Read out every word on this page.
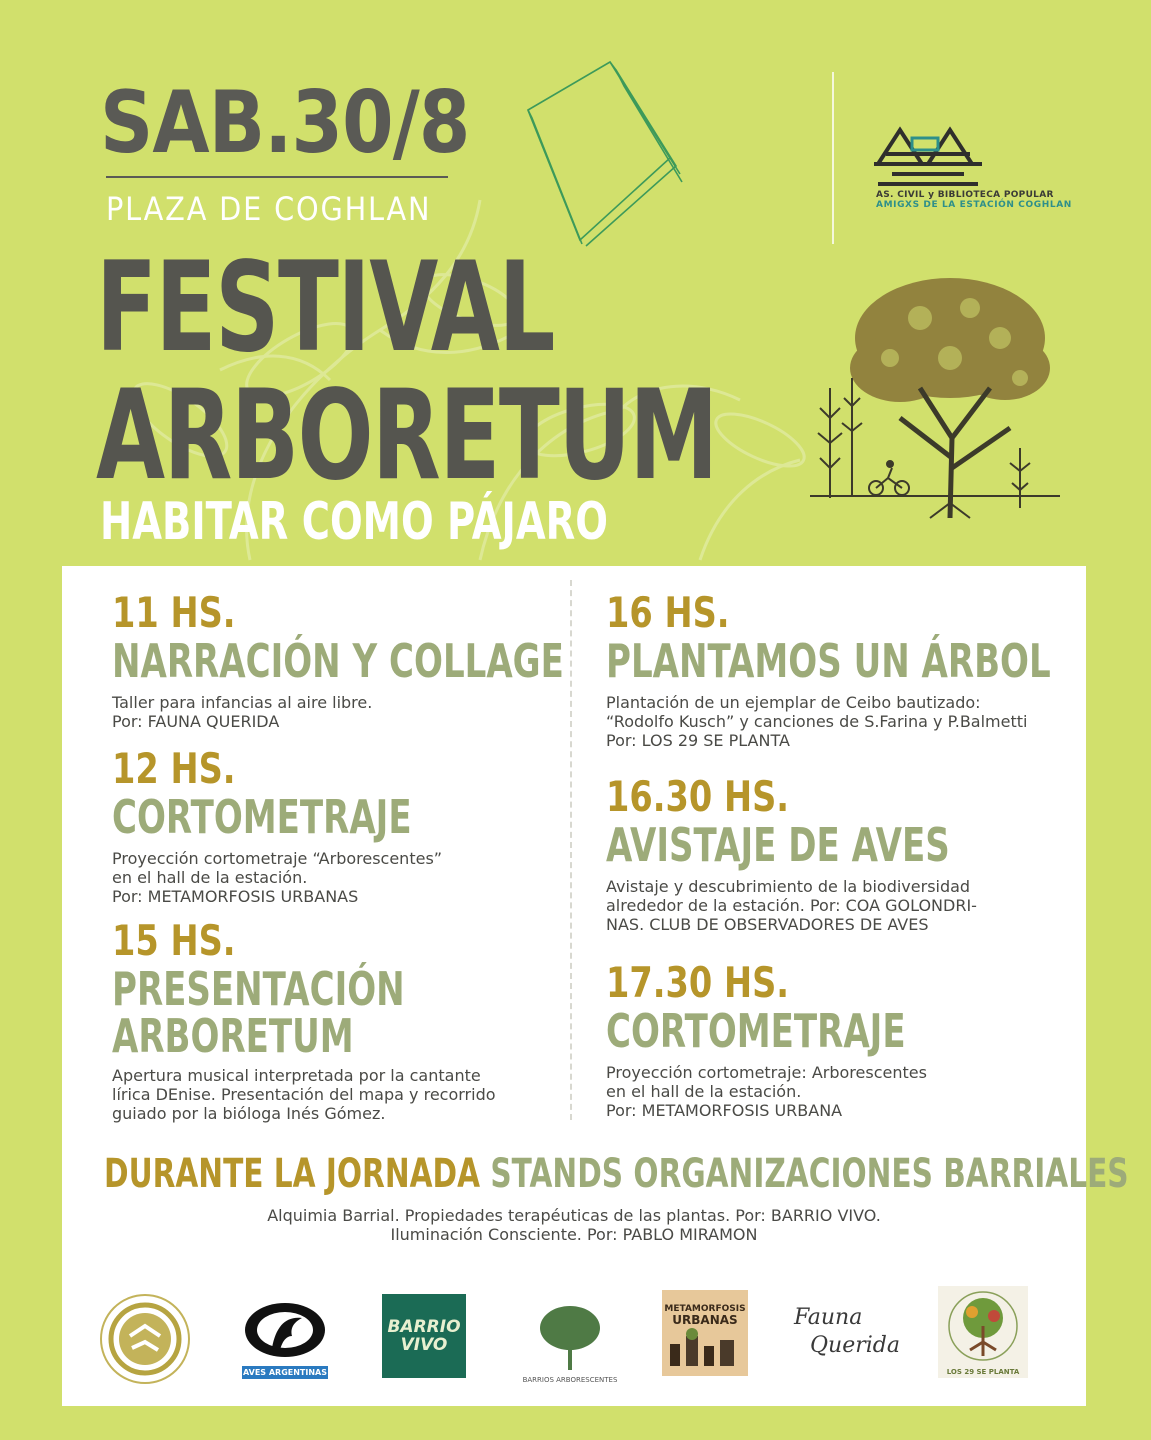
SAB.30/8
PLAZA DE COGHLAN
FESTIVAL
ARBORETUM
HABITAR COMO PÁJARO
AS. CIVIL y BIBLIOTECA POPULAR
AMIGXS DE LA ESTACIÓN COGHLAN
11 HS.
NARRACIÓN Y COLLAGE
Taller para infancias al aire libre.
Por: FAUNA QUERIDA
12 HS.
CORTOMETRAJE
Proyección cortometraje “Arborescentes”
en el hall de la estación.
Por: METAMORFOSIS URBANAS
15 HS.
PRESENTACIÓN
ARBORETUM
Apertura musical interpretada por la cantante
lírica DEnise. Presentación del mapa y recorrido
guiado por la bióloga Inés Gómez.
16 HS.
PLANTAMOS UN ÁRBOL
Plantación de un ejemplar de Ceibo bautizado:
“Rodolfo Kusch” y canciones de S.Farina y P.Balmetti
Por: LOS 29 SE PLANTA
16.30 HS.
AVISTAJE DE AVES
Avistaje y descubrimiento de la biodiversidad
alrededor de la estación. Por: COA GOLONDRI-
NAS. CLUB DE OBSERVADORES DE AVES
17.30 HS.
CORTOMETRAJE
Proyección cortometraje: Arborescentes
en el hall de la estación.
Por: METAMORFOSIS URBANA
DURANTE LA JORNADA STANDS ORGANIZACIONES BARRIALES
Alquimia Barrial. Propiedades terapéuticas de las plantas. Por: BARRIO VIVO.
Iluminación Consciente. Por: PABLO MIRAMON
AVES ARGENTINAS
BARRIO
VIVO
BARRIOS ARBORESCENTES
METAMORFOSIS
URBANAS	Fauna
Querida
LOS 29 SE PLANTA
